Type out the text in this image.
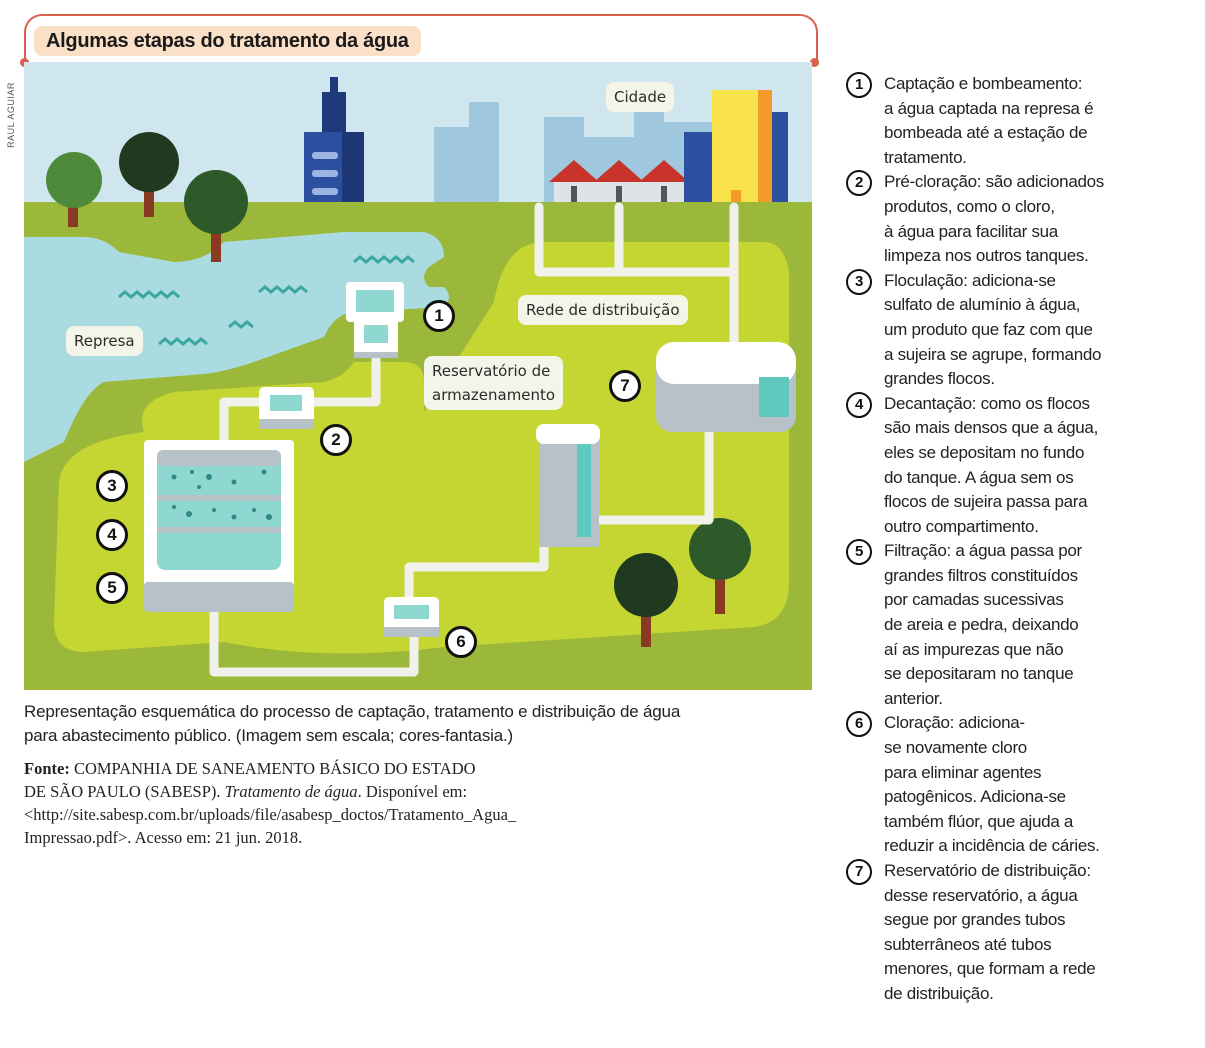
Algumas etapas do tratamento da água
RAUL AGUIAR	Cidade
Represa
Rede de distribuição
Reservatório de
armazenamento
1
2
3
4
5
6
7
Representação esquemática do processo de captação, tratamento e distribuição de água
para abastecimento público. (Imagem sem escala; cores-fantasia.)
Fonte: COMPANHIA DE SANEAMENTO BÁSICO DO ESTADO
DE SÃO PAULO (SABESP). Tratamento de água. Disponível em:
<http://site.sabesp.com.br/uploads/file/asabesp_doctos/Tratamento_Agua_
Impressao.pdf>. Acesso em: 21 jun. 2018.
1	Captação e bombeamento:
a água captada na represa é
bombeada até a estação de
tratamento.
2	Pré-cloração: são adicionados
produtos, como o cloro,
à água para facilitar sua
limpeza nos outros tanques.
3	Floculação: adiciona-se
sulfato de alumínio à água,
um produto que faz com que
a sujeira se agrupe, formando
grandes flocos.
4	Decantação: como os flocos
são mais densos que a água,
eles se depositam no fundo
do tanque. A água sem os
flocos de sujeira passa para
outro compartimento.
5	Filtração: a água passa por
grandes filtros constituídos
por camadas sucessivas
de areia e pedra, deixando
aí as impurezas que não
se depositaram no tanque
anterior.
6	Cloração: adiciona-
se novamente cloro
para eliminar agentes
patogênicos. Adiciona-se
também flúor, que ajuda a
reduzir a incidência de cáries.
7	Reservatório de distribuição:
desse reservatório, a água
segue por grandes tubos
subterrâneos até tubos
menores, que formam a rede
de distribuição.
